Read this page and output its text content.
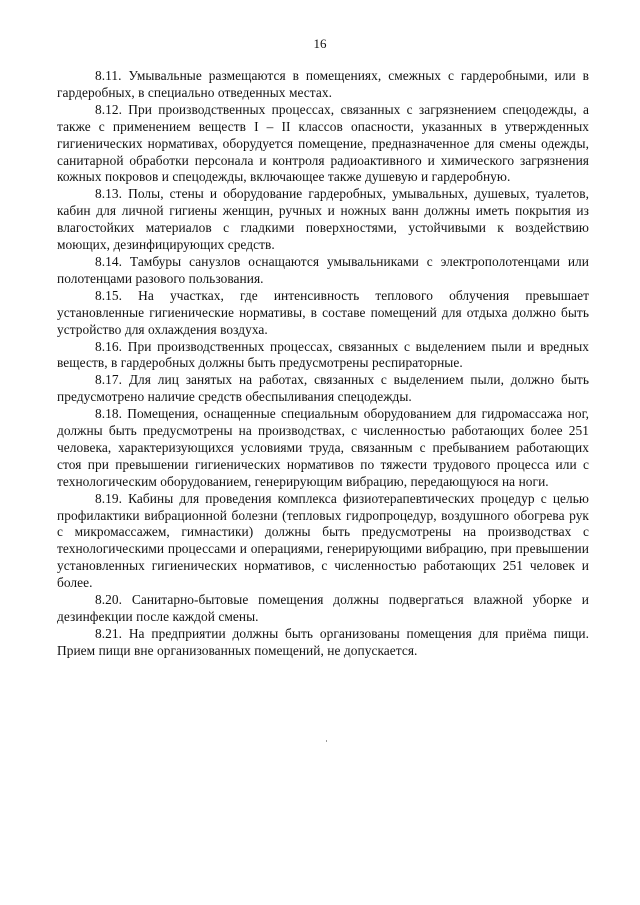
16

8.11. Умывальные размещаются в помещениях, смежных с гардеробными, или в гардеробных, в специально отведенных местах.

8.12. При производственных процессах, связанных с загрязнением спецодежды, а также с применением веществ I – II классов опасности, указанных в утвержденных гигиенических нормативах, оборудуется помещение, предназначенное для смены одежды, санитарной обработки персонала и контроля радиоактивного и химического загрязнения кожных покровов и спецодежды, включающее также душевую и гардеробную.

8.13. Полы, стены и оборудование гардеробных, умывальных, душевых, туалетов, кабин для личной гигиены женщин, ручных и ножных ванн должны иметь покрытия из влагостойких материалов с гладкими поверхностями, устойчивыми к воздействию моющих, дезинфицирующих средств.

8.14. Тамбуры санузлов оснащаются умывальниками с электрополотенцами или полотенцами разового пользования.

8.15. На участках, где интенсивность теплового облучения превышает установленные гигиенические нормативы, в составе помещений для отдыха должно быть устройство для охлаждения воздуха.

8.16. При производственных процессах, связанных с выделением пыли и вредных веществ, в гардеробных должны быть предусмотрены респираторные.

8.17. Для лиц занятых на работах, связанных с выделением пыли, должно быть предусмотрено наличие средств обеспыливания спецодежды.

8.18. Помещения, оснащенные специальным оборудованием для гидромассажа ног, должны быть предусмотрены на производствах, с численностью работающих более 251 человека, характеризующихся условиями труда, связанным с пребыванием работающих стоя при превышении гигиенических нормативов по тяжести трудового процесса или с технологическим оборудованием, генерирующим вибрацию, передающуюся на ноги.

8.19. Кабины для проведения комплекса физиотерапевтических процедур с целью профилактики вибрационной болезни (тепловых гидропроцедур, воздушного обогрева рук с микромассажем, гимнастики) должны быть предусмотрены на производствах с технологическими процессами и операциями, генерирующими вибрацию, при превышении установленных гигиенических нормативов, с численностью работающих 251 человек и более.

8.20. Санитарно-бытовые помещения должны подвергаться влажной уборке и дезинфекции после каждой смены.

8.21. На предприятии должны быть организованы помещения для приёма пищи. Прием пищи вне организованных помещений, не допускается.
